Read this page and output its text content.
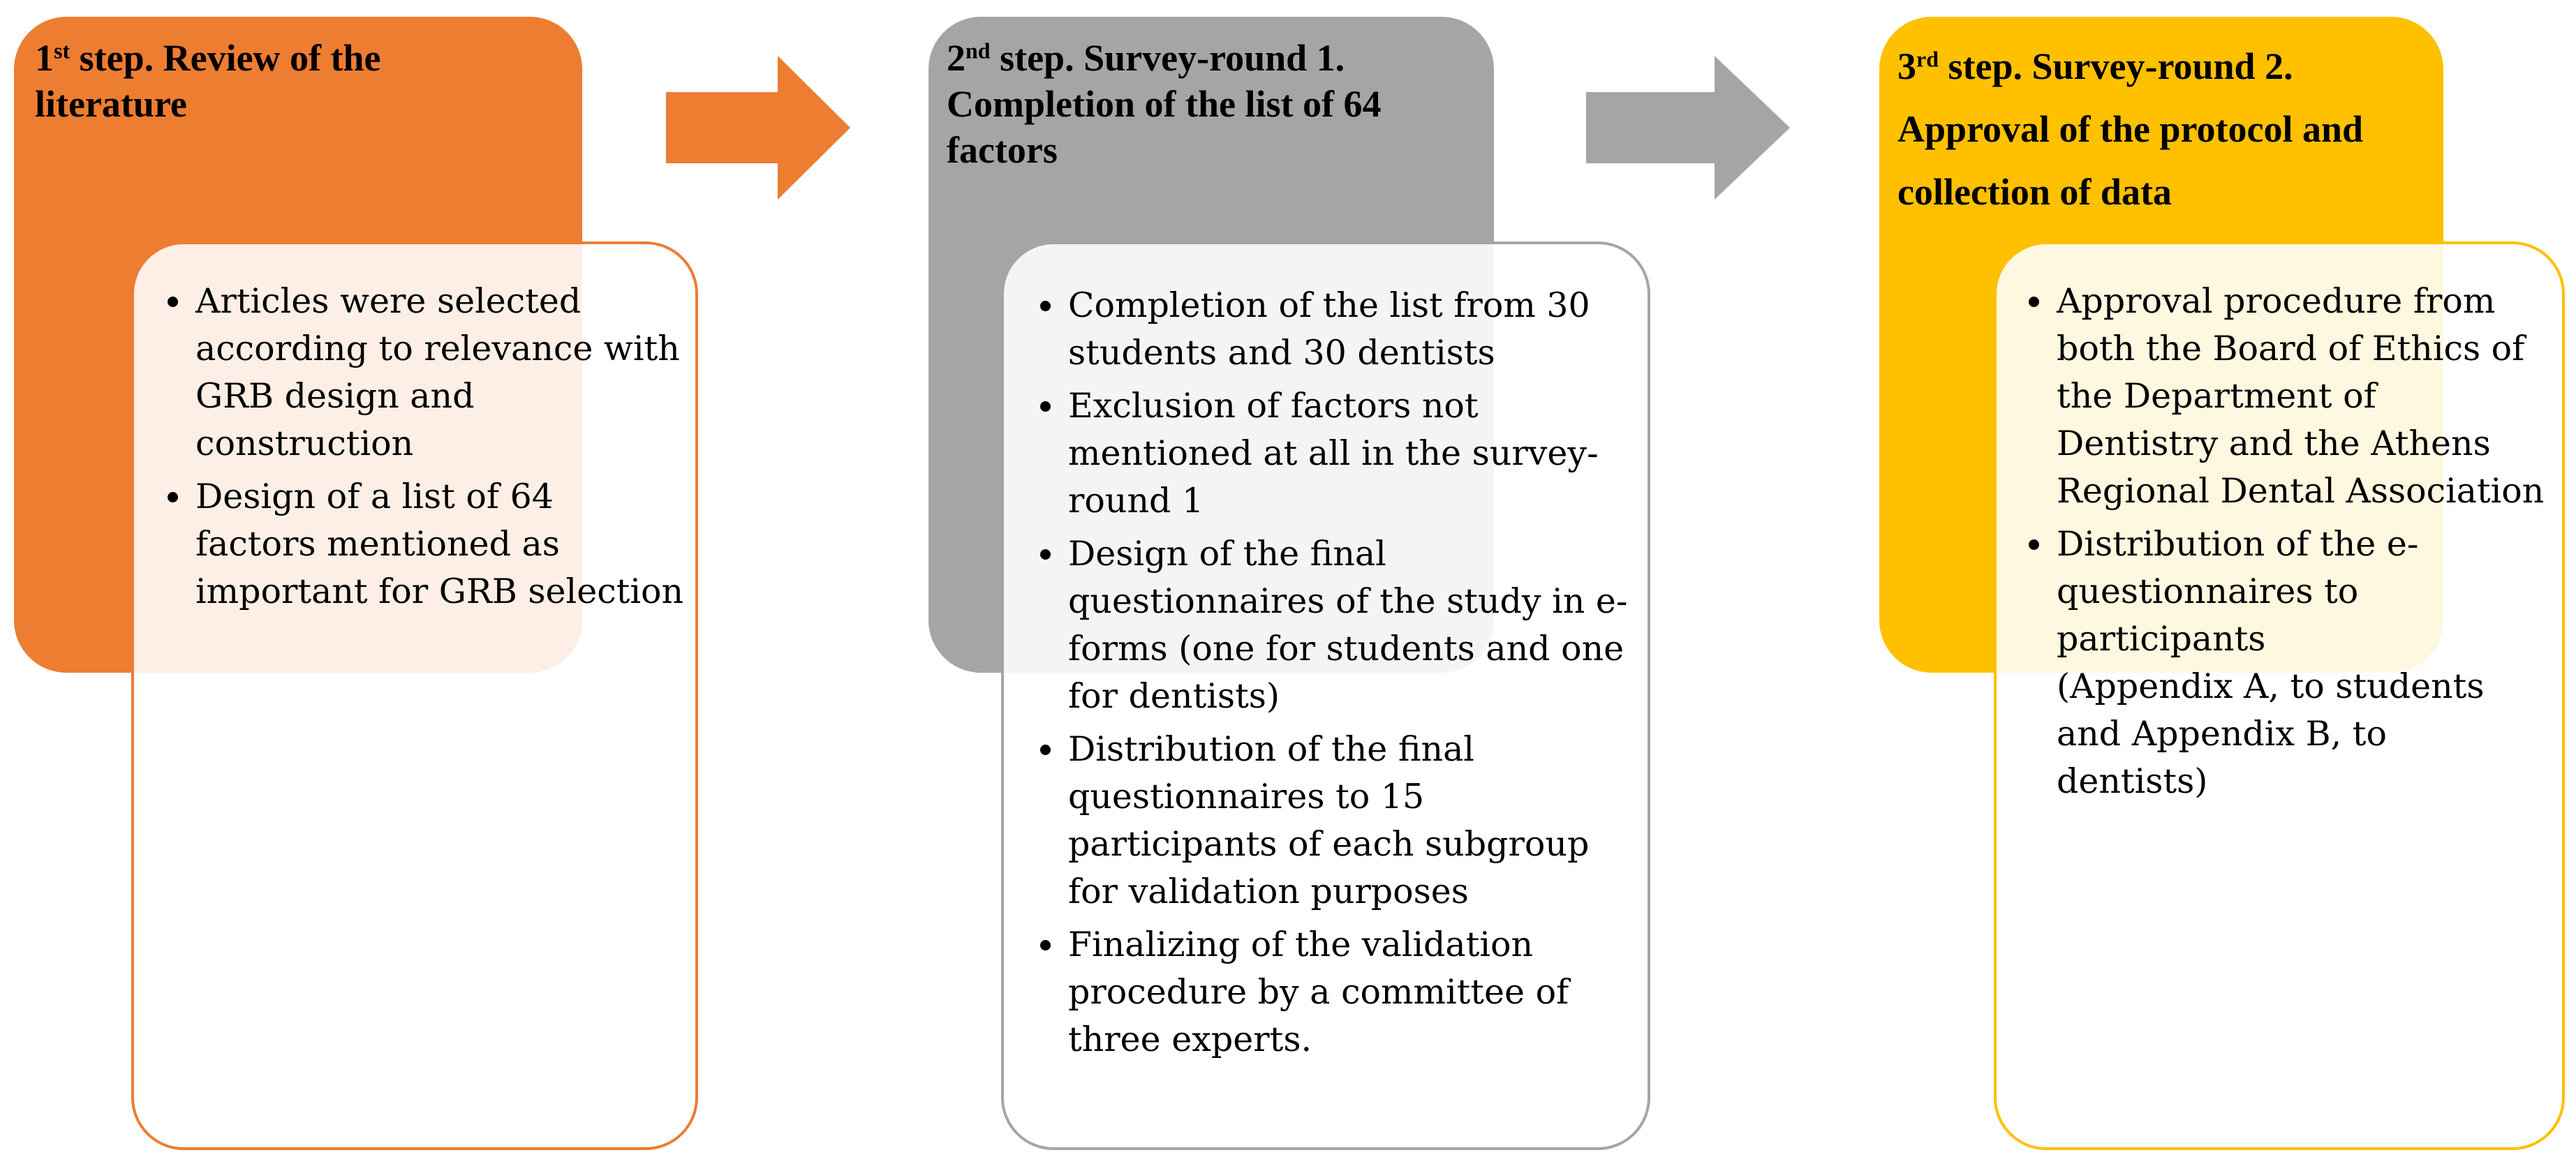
1st step. Review of the
literature
Articles were selected according to relevance with GRB design and construction
Design of a list of 64 factors mentioned as important for GRB selection
2nd step. Survey-round 1.
Completion of the list of 64
factors
Completion of the list from 30 students and 30 dentists
Exclusion of factors not mentioned at all in the survey-round 1
Design of the final questionnaires of the study in e-forms (one for students and one for dentists)
Distribution of the final questionnaires to 15 participants of each subgroup for validation purposes
Finalizing of the validation procedure by a committee of three experts.
3rd step. Survey-round 2.
Approval of the protocol and
collection of data
Approval procedure from both the Board of Ethics of the Department of Dentistry and the Athens Regional Dental Association
Distribution of the e-questionnaires to participants
(Appendix A, to students and Appendix B, to dentists)
